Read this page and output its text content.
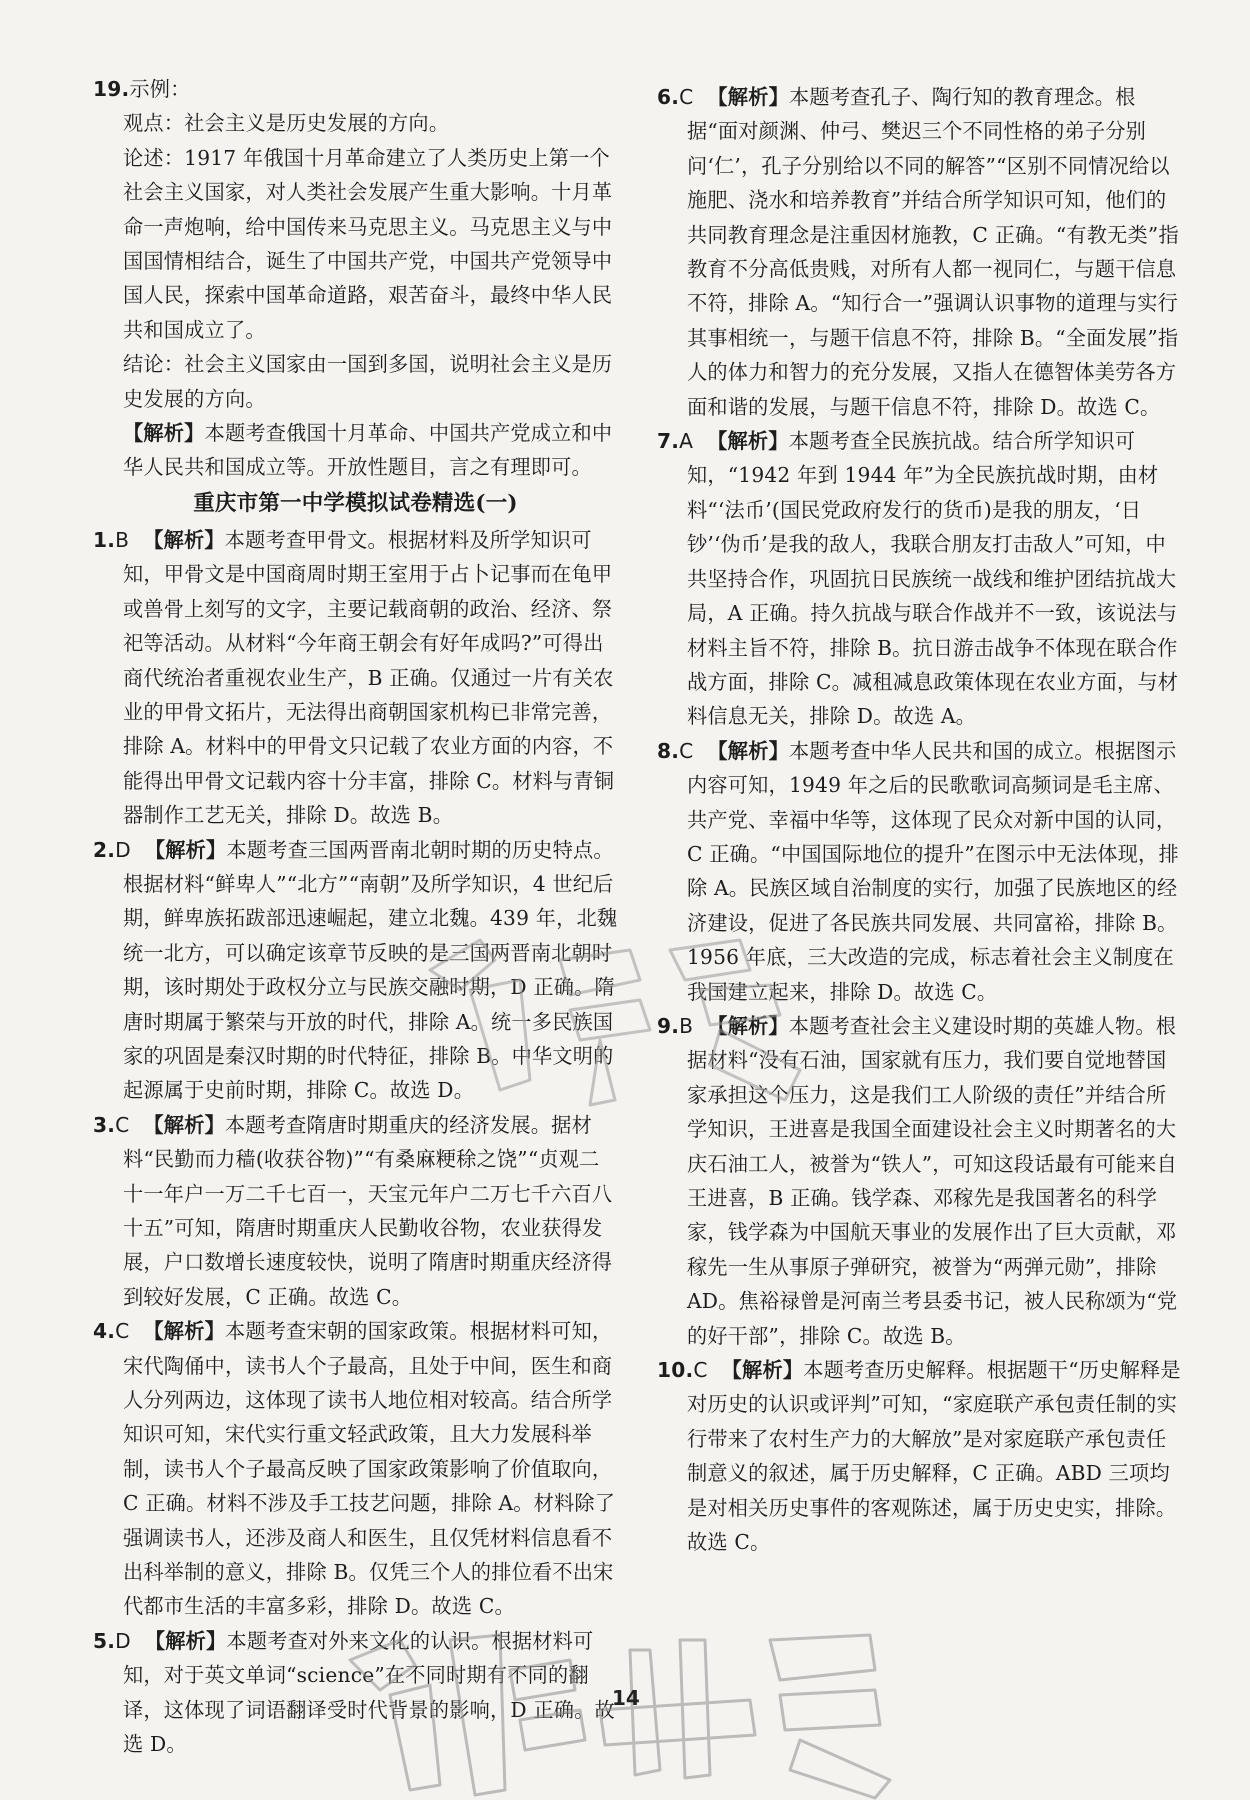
19.示例：
观点：社会主义是历史发展的方向。
论述：1917 年俄国十月革命建立了人类历史上第一个社会主义国家，对人类社会发展产生重大影响。十月革命一声炮响，给中国传来马克思主义。马克思主义与中国国情相结合，诞生了中国共产党，中国共产党领导中国人民，探索中国革命道路，艰苦奋斗，最终中华人民共和国成立了。
结论：社会主义国家由一国到多国，说明社会主义是历史发展的方向。
【解析】本题考查俄国十月革命、中国共产党成立和中华人民共和国成立等。开放性题目，言之有理即可。
重庆市第一中学模拟试卷精选(一)
1.B 【解析】本题考查甲骨文。根据材料及所学知识可知，甲骨文是中国商周时期王室用于占卜记事而在龟甲或兽骨上刻写的文字，主要记载商朝的政治、经济、祭祀等活动。从材料“今年商王朝会有好年成吗?”可得出商代统治者重视农业生产，B 正确。仅通过一片有关农业的甲骨文拓片，无法得出商朝国家机构已非常完善，排除 A。材料中的甲骨文只记载了农业方面的内容，不能得出甲骨文记载内容十分丰富，排除 C。材料与青铜器制作工艺无关，排除 D。故选 B。
2.D 【解析】本题考查三国两晋南北朝时期的历史特点。根据材料“鲜卑人”“北方”“南朝”及所学知识，4 世纪后期，鲜卑族拓跋部迅速崛起，建立北魏。439 年，北魏统一北方，可以确定该章节反映的是三国两晋南北朝时期，该时期处于政权分立与民族交融时期，D 正确。隋唐时期属于繁荣与开放的时代，排除 A。统一多民族国家的巩固是秦汉时期的时代特征，排除 B。中华文明的起源属于史前时期，排除 C。故选 D。
3.C 【解析】本题考查隋唐时期重庆的经济发展。据材料“民勤而力穑(收获谷物)”“有桑麻粳稌之饶”“贞观二十一年户一万二千七百一，天宝元年户二万七千六百八十五”可知，隋唐时期重庆人民勤收谷物，农业获得发展，户口数增长速度较快，说明了隋唐时期重庆经济得到较好发展，C 正确。故选 C。
4.C 【解析】本题考查宋朝的国家政策。根据材料可知，宋代陶俑中，读书人个子最高，且处于中间，医生和商人分列两边，这体现了读书人地位相对较高。结合所学知识可知，宋代实行重文轻武政策，且大力发展科举制，读书人个子最高反映了国家政策影响了价值取向，C 正确。材料不涉及手工技艺问题，排除 A。材料除了强调读书人，还涉及商人和医生，且仅凭材料信息看不出科举制的意义，排除 B。仅凭三个人的排位看不出宋代都市生活的丰富多彩，排除 D。故选 C。
5.D 【解析】本题考查对外来文化的认识。根据材料可知，对于英文单词“science”在不同时期有不同的翻译，这体现了词语翻译受时代背景的影响，D 正确。故选 D。
6.C 【解析】本题考查孔子、陶行知的教育理念。根据“面对颜渊、仲弓、樊迟三个不同性格的弟子分别问‘仁’，孔子分别给以不同的解答”“区别不同情况给以施肥、浇水和培养教育”并结合所学知识可知，他们的共同教育理念是注重因材施教，C 正确。“有教无类”指教育不分高低贵贱，对所有人都一视同仁，与题干信息不符，排除 A。“知行合一”强调认识事物的道理与实行其事相统一，与题干信息不符，排除 B。“全面发展”指人的体力和智力的充分发展，又指人在德智体美劳各方面和谐的发展，与题干信息不符，排除 D。故选 C。
7.A 【解析】本题考查全民族抗战。结合所学知识可知，“1942 年到 1944 年”为全民族抗战时期，由材料“‘法币’(国民党政府发行的货币)是我的朋友，‘日钞’‘伪币’是我的敌人，我联合朋友打击敌人”可知，中共坚持合作，巩固抗日民族统一战线和维护团结抗战大局，A 正确。持久抗战与联合作战并不一致，该说法与材料主旨不符，排除 B。抗日游击战争不体现在联合作战方面，排除 C。减租减息政策体现在农业方面，与材料信息无关，排除 D。故选 A。
8.C 【解析】本题考查中华人民共和国的成立。根据图示内容可知，1949 年之后的民歌歌词高频词是毛主席、共产党、幸福中华等，这体现了民众对新中国的认同，C 正确。“中国国际地位的提升”在图示中无法体现，排除 A。民族区域自治制度的实行，加强了民族地区的经济建设，促进了各民族共同发展、共同富裕，排除 B。1956 年底，三大改造的完成，标志着社会主义制度在我国建立起来，排除 D。故选 C。
9.B 【解析】本题考查社会主义建设时期的英雄人物。根据材料“没有石油，国家就有压力，我们要自觉地替国家承担这个压力，这是我们工人阶级的责任”并结合所学知识，王进喜是我国全面建设社会主义时期著名的大庆石油工人，被誉为“铁人”，可知这段话最有可能来自王进喜，B 正确。钱学森、邓稼先是我国著名的科学家，钱学森为中国航天事业的发展作出了巨大贡献，邓稼先一生从事原子弹研究，被誉为“两弹元勋”，排除 AD。焦裕禄曾是河南兰考县委书记，被人民称颂为“党的好干部”，排除 C。故选 B。
10.C 【解析】本题考查历史解释。根据题干“历史解释是对历史的认识或评判”可知，“家庭联产承包责任制的实行带来了农村生产力的大解放”是对家庭联产承包责任制意义的叙述，属于历史解释，C 正确。ABD 三项均是对相关历史事件的客观陈述，属于历史史实，排除。故选 C。
14
